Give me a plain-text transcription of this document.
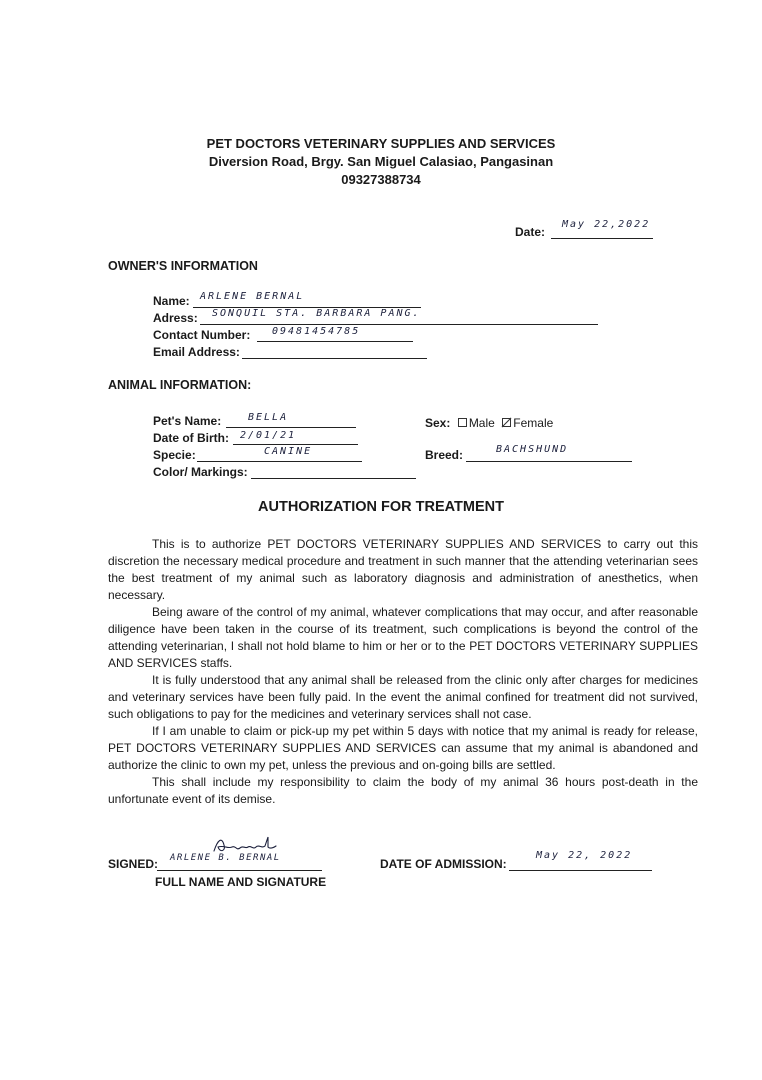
PET DOCTORS VETERINARY SUPPLIES AND SERVICES
Diversion Road, Brgy. San Miguel Calasiao, Pangasinan
09327388734
Date:
May 22,2022
OWNER'S INFORMATION
Name: ARLENE BERNAL
Adress: SONQUIL STA. BARBARA PANG.
Contact Number: 09481454785
Email Address:
ANIMAL INFORMATION:
Pet's Name:	BELLA
Date of Birth: 2/01/21
Specie:	CANINE
Color/ Markings:
Sex: Male Female
Breed:	BACHSHUND
AUTHORIZATION FOR TREATMENT

This is to authorize PET DOCTORS VETERINARY SUPPLIES AND SERVICES to carry out this discretion the necessary medical procedure and treatment in such manner that the attending veterinarian sees the best treatment of my animal such as laboratory diagnosis and administration of anesthetics, when necessary.

Being aware of the control of my animal, whatever complications that may occur, and after reasonable diligence have been taken in the course of its treatment, such complications is beyond the control of the attending veterinarian, I shall not hold blame to him or her or to the PET DOCTORS VETERINARY SUPPLIES AND SERVICES staffs.

It is fully understood that any animal shall be released from the clinic only after charges for medicines and veterinary services have been fully paid. In the event the animal confined for treatment did not survived, such obligations to pay for the medicines and veterinary services shall not case.

If I am unable to claim or pick-up my pet within 5 days with notice that my animal is ready for release, PET DOCTORS VETERINARY SUPPLIES AND SERVICES can assume that my animal is abandoned and authorize the clinic to own my pet, unless the previous and on-going bills are settled.

This shall include my responsibility to claim the body of my animal 36 hours post-death in the unfortunate event of its demise.

SIGNED: ARLENE B. BERNAL
FULL NAME AND SIGNATURE
DATE OF ADMISSION:
May 22, 2022
